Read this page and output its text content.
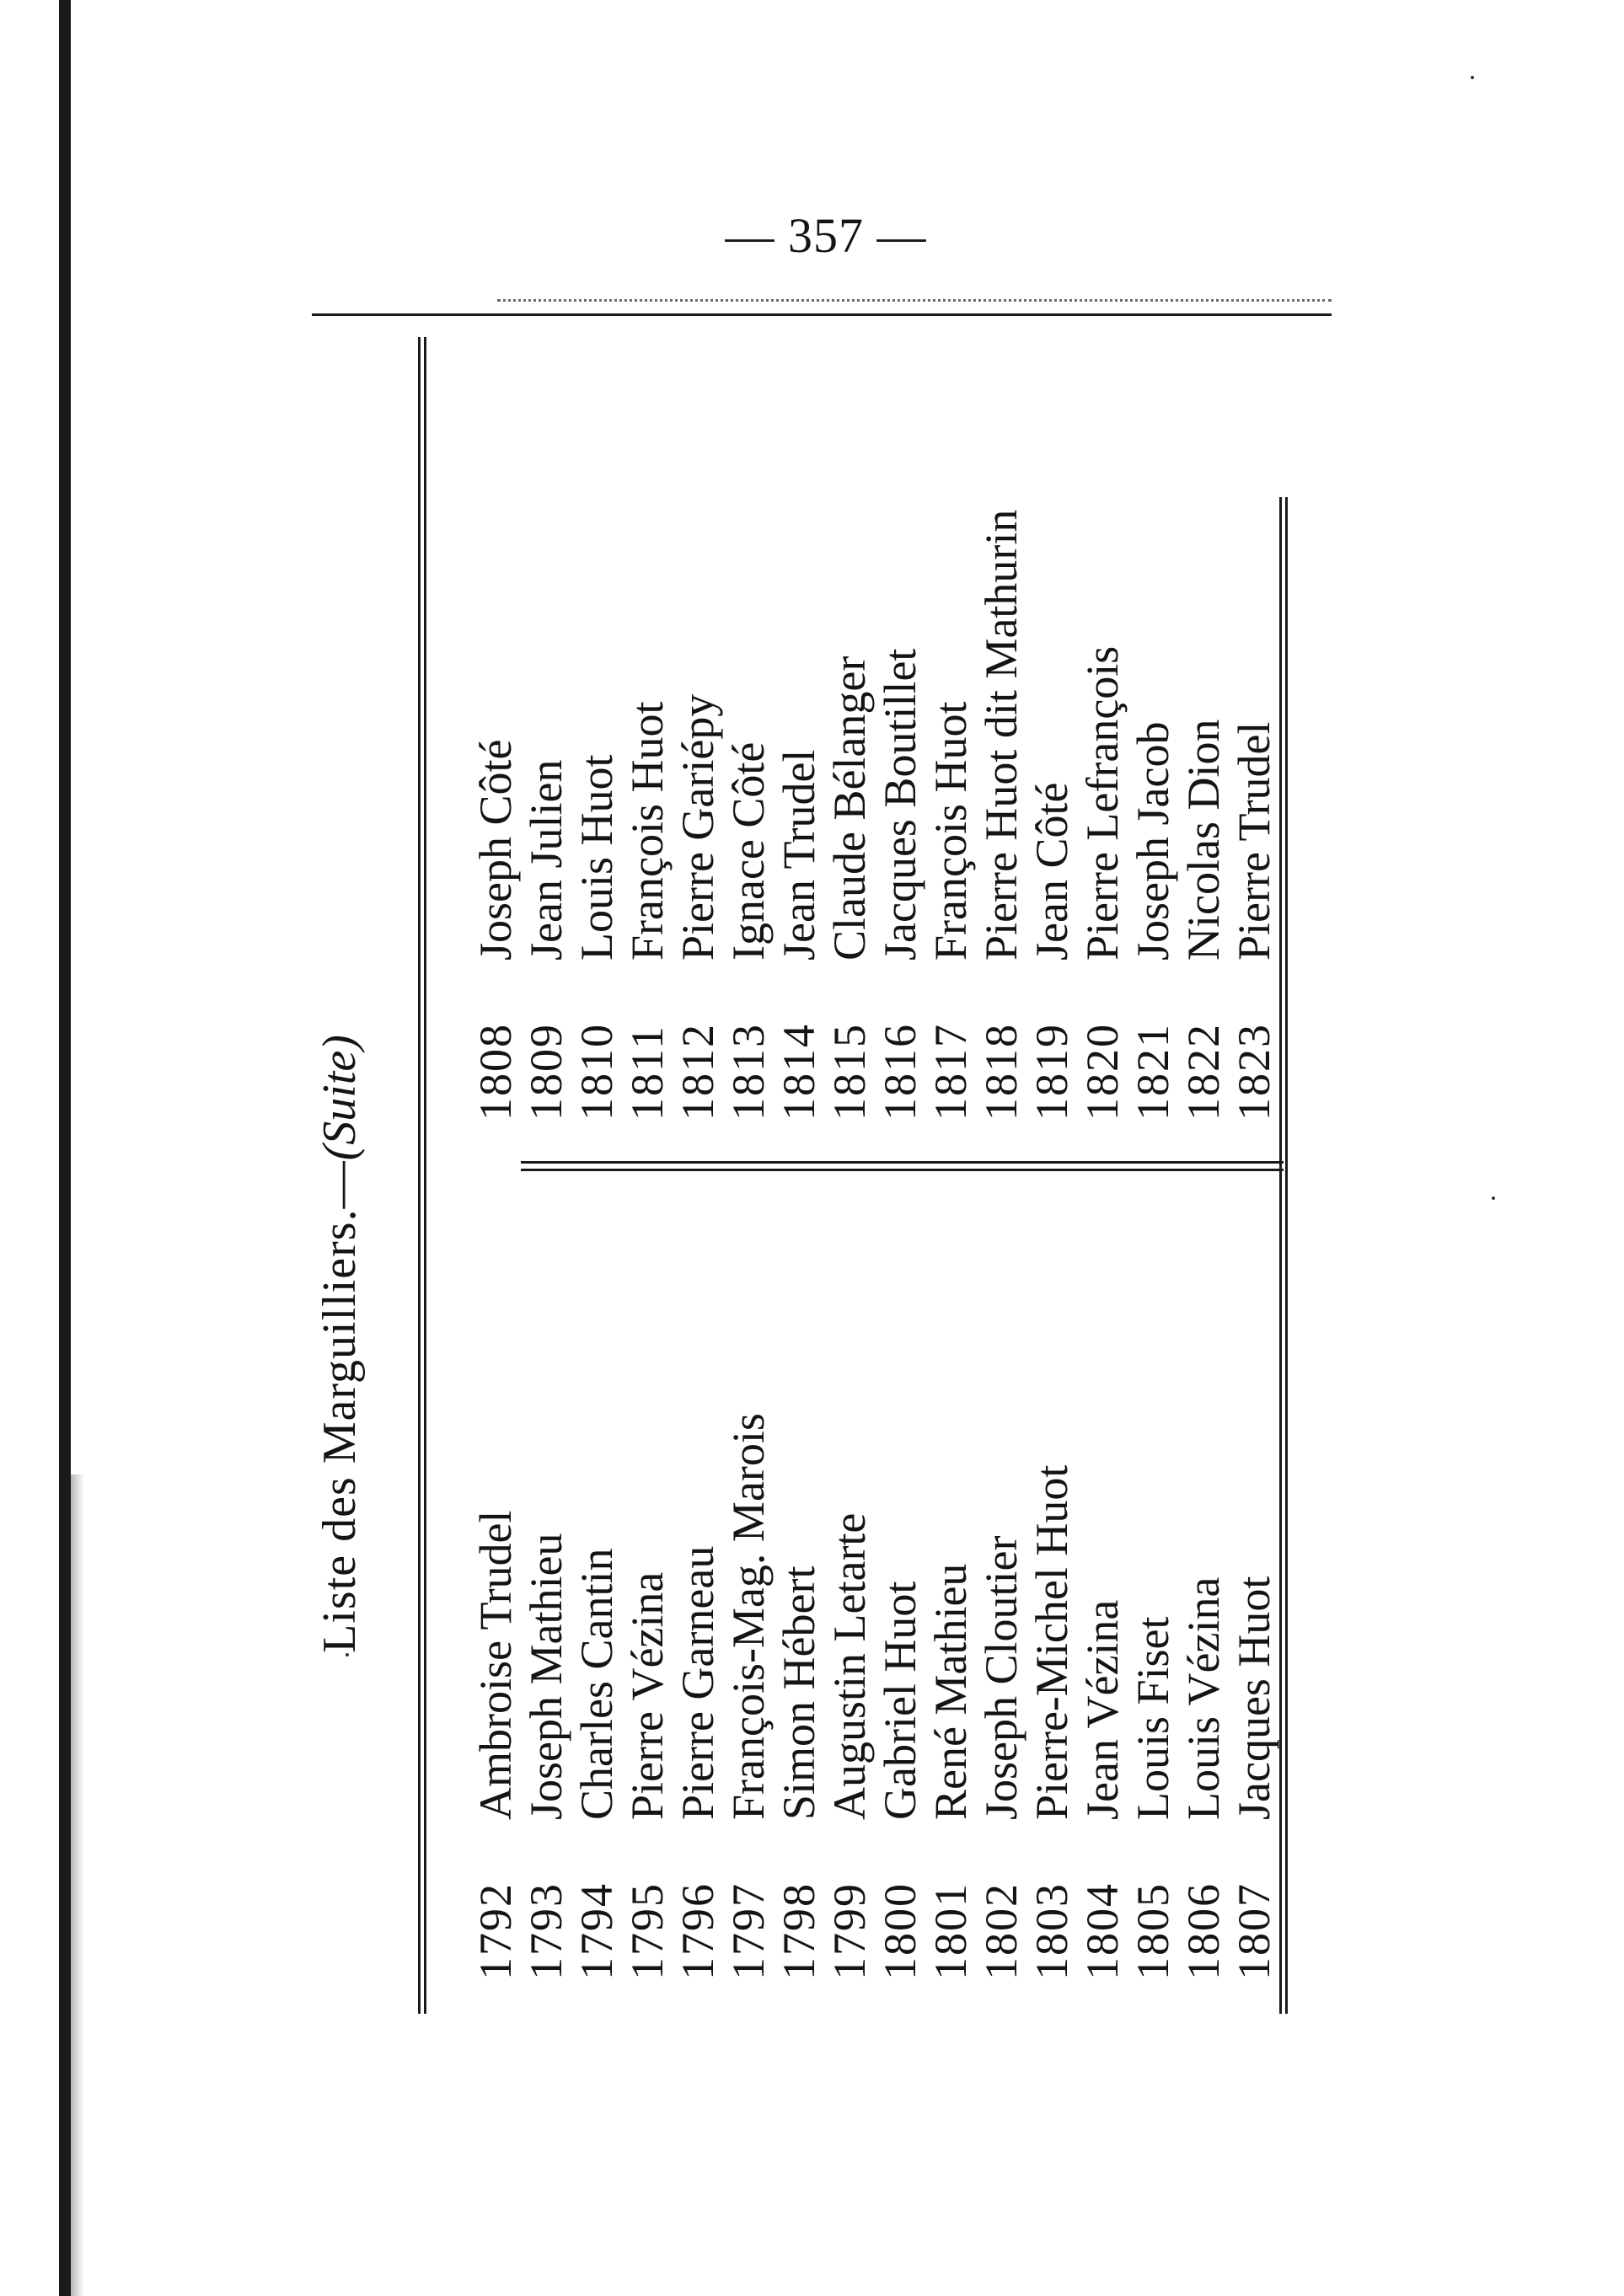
— 357 —
Liste des Marguilliers.—(Suite)
1792
Ambroise Trudel
1793
Joseph Mathieu
1794
Charles Cantin
1795
Pierre Vézina
1796
Pierre Garneau
1797
François-Mag. Marois
1798
Simon Hébert
1799
Augustin Letarte
1800
Gabriel Huot
1801
René Mathieu
1802
Joseph Cloutier
1803
Pierre-Michel Huot
1804
Jean Vézina
1805
Louis Fiset
1806
Louis Vézina
1807
Jacques Huot
1808
Joseph Côté
1809
Jean Julien
1810
Louis Huot
1811
François Huot
1812
Pierre Gariépy
1813
Ignace Côté
1814
Jean Trudel
1815
Claude Bélanger
1816
Jacques Boutillet
1817
François Huot
1818
Pierre Huot dit Mathurin
1819
Jean Côté
1820
Pierre Lefrançois
1821
Joseph Jacob
1822
Nicolas Dion
1823
Pierre Trudel
